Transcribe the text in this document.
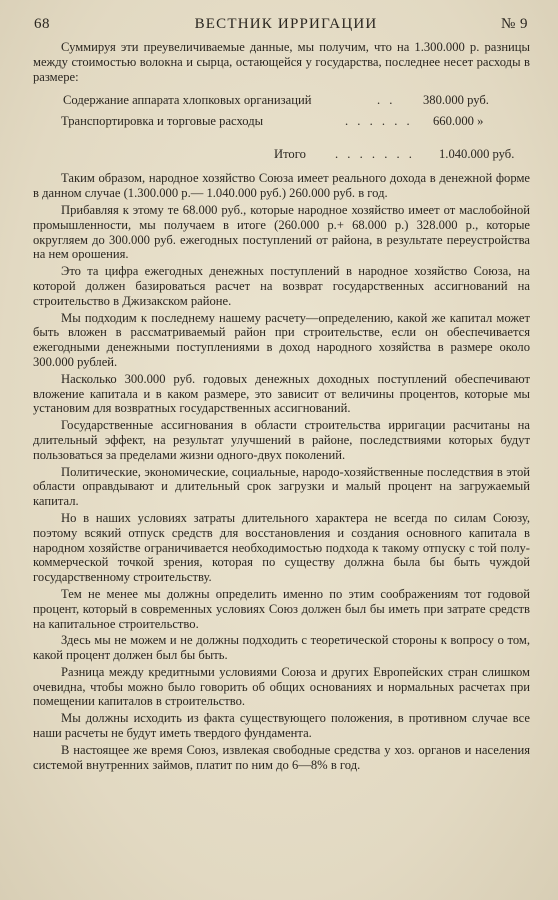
68	ВЕСТНИК ИРРИГАЦИИ	№ 9

Суммируя эти преувеличиваемые данные, мы получим, что на 1.300.000 р. разницы между стоимостью волокна и сырца, остающейся у государства, последнее несет расходы в размере:

Содержание аппарата хлопковых организаций	. . 380.000 руб.
Транспортировка и торговые расходы	. . . . . . 660.000 »
Итого . . . . . . . 1.040.000 руб.

Таким образом, народное хозяйство Союза имеет реального дохода в денежной форме в данном случае (1.300.000 р.— 1.040.000 руб.) 260.000 руб. в год.

Прибавляя к этому те 68.000 руб., которые народное хозяйство имеет от маслобойной промышленности, мы получаем в итоге (260.000 р.+ 68.000 р.) 328.000 р., которые округляем до 300.000 руб. ежегодных поступлений от района, в результате переустройства на нем орошения.

Это та цифра ежегодных денежных поступлений в народное хозяйство Союза, на которой должен базироваться расчет на возврат государственных ассигнований на строительство в Джизакском районе.

Мы подходим к последнему нашему расчету—определению, какой же капитал может быть вложен в рассматриваемый район при строительстве, если он обеспечивается ежегодными денежными поступлениями в доход народного хозяйства в размере около 300.000 рублей.

Насколько 300.000 руб. годовых денежных доходных поступлений обеспечивают вложение капитала и в каком размере, это зависит от величины процентов, которые мы установим для возвратных государственных ассигнований.

Государственные ассигнования в области строительства ирригации расчитаны на длительный эффект, на результат улучшений в районе, последствиями которых будут пользоваться за пределами жизни одного-двух поколений.

Политические, экономические, социальные, народо-хозяйственные последствия в этой области оправдывают и длительный срок загрузки и малый процент на загружаемый капитал.

Но в наших условиях затраты длительного характера не всегда по силам Союзу, поэтому всякий отпуск средств для восстановления и создания основного капитала в народном хозяйстве ограничивается необходимостью подхода к такому отпуску с той полу-коммерческой точкой зрения, которая по существу должна была бы быть чуждой государственному строительству.

Тем не менее мы должны определить именно по этим соображениям тот годовой процент, который в современных условиях Союз должен был бы иметь при затрате средств на капитальное строительство.

Здесь мы не можем и не должны подходить с теоретической стороны к вопросу о том, какой процент должен был бы быть.

Разница между кредитными условиями Союза и других Европейских стран слишком очевидна, чтобы можно было говорить об общих основаниях и нормальных расчетах при помещении капиталов в строительство.

Мы должны исходить из факта существующего положения, в противном случае все наши расчеты не будут иметь твердого фундамента.

В настоящее же время Союз, извлекая свободные средства у хоз. органов и населения системой внутренних займов, платит по ним до 6—8% в год.
